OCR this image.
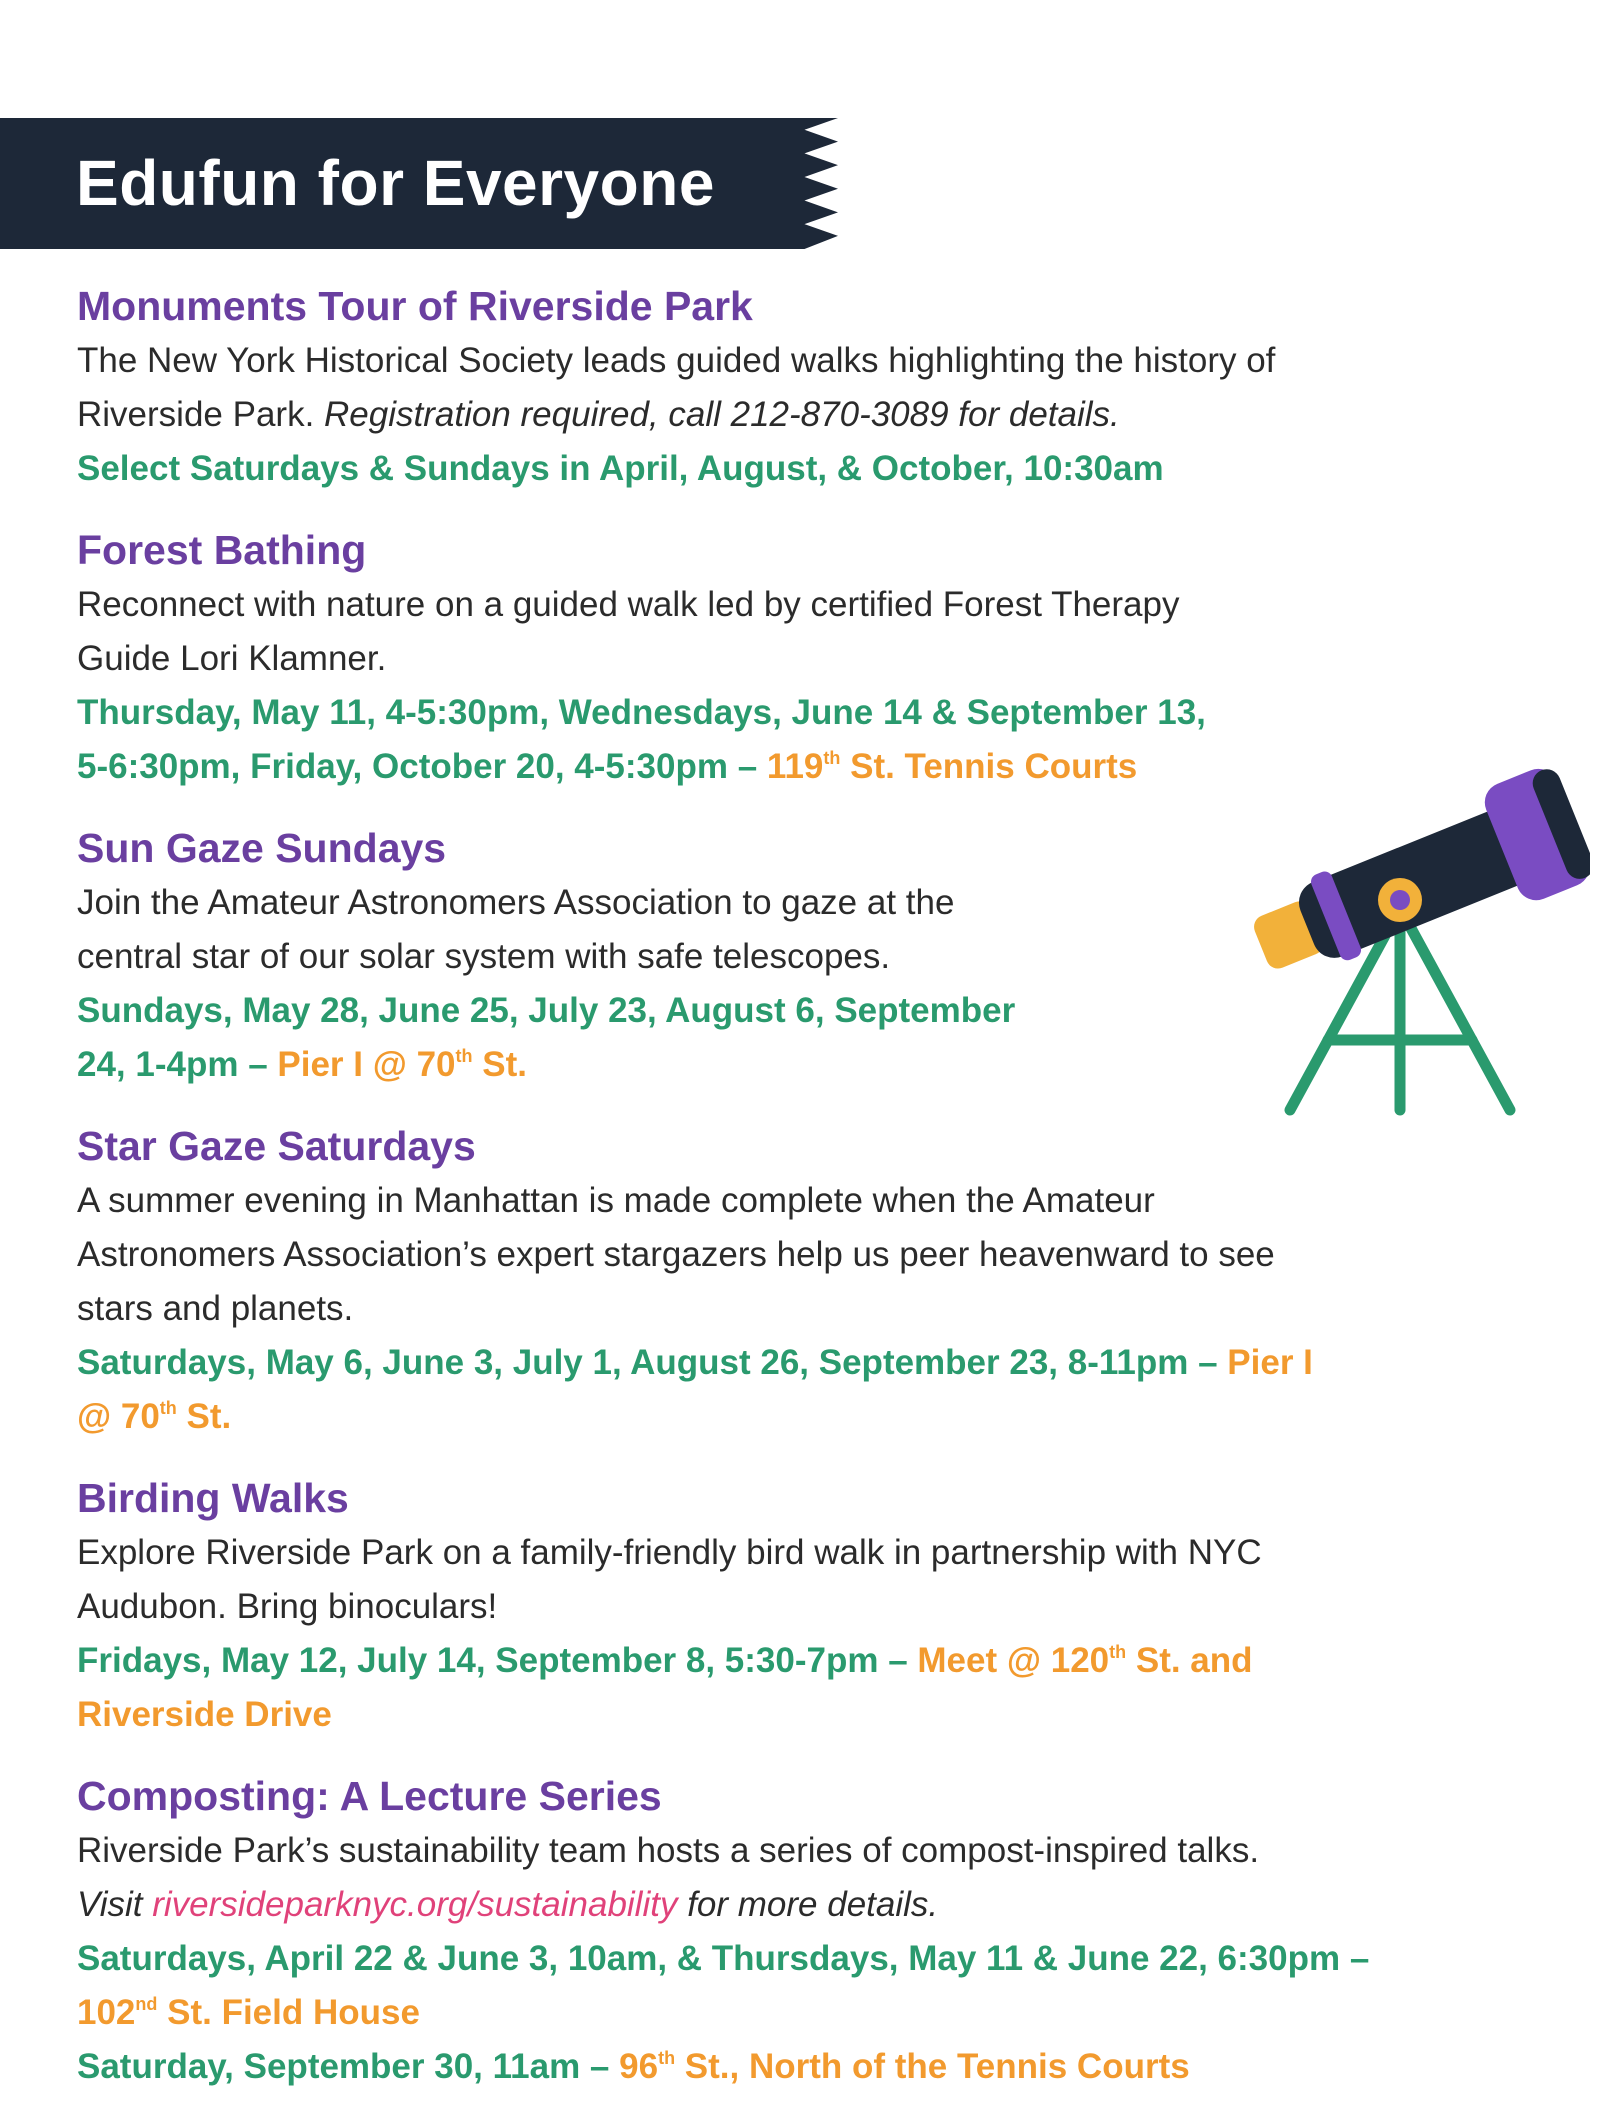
Edufun for Everyone
Monuments Tour of Riverside Park

The New York Historical Society leads guided walks highlighting the history of
Riverside Park. Registration required, call 212-870-3089 for details.

Select Saturdays & Sundays in April, August, & October, 10:30am

Forest Bathing

Reconnect with nature on a guided walk led by certified Forest Therapy
Guide Lori Klamner.

Thursday, May 11, 4-5:30pm, Wednesdays, June 14 & September 13,
5-6:30pm, Friday, October 20, 4-5:30pm – 119th St. Tennis Courts

Sun Gaze Sundays

Join the Amateur Astronomers Association to gaze at the
central star of our solar system with safe telescopes.

Sundays, May 28, June 25, July 23, August 6, September
24, 1-4pm – Pier I @ 70th St.

Star Gaze Saturdays

A summer evening in Manhattan is made complete when the Amateur
Astronomers Association’s expert stargazers help us peer heavenward to see
stars and planets.

Saturdays, May 6, June 3, July 1, August 26, September 23, 8-11pm – Pier I
@ 70th St.

Birding Walks

Explore Riverside Park on a family-friendly bird walk in partnership with NYC
Audubon. Bring binoculars!

Fridays, May 12, July 14, September 8, 5:30-7pm – Meet @ 120th St. and
Riverside Drive

Composting: A Lecture Series

Riverside Park’s sustainability team hosts a series of compost-inspired talks.
Visit riversideparknyc.org/sustainability for more details.

Saturdays, April 22 & June 3, 10am, & Thursdays, May 11 & June 22, 6:30pm –
102nd St. Field House
Saturday, September 30, 11am – 96th St., North of the Tennis Courts
